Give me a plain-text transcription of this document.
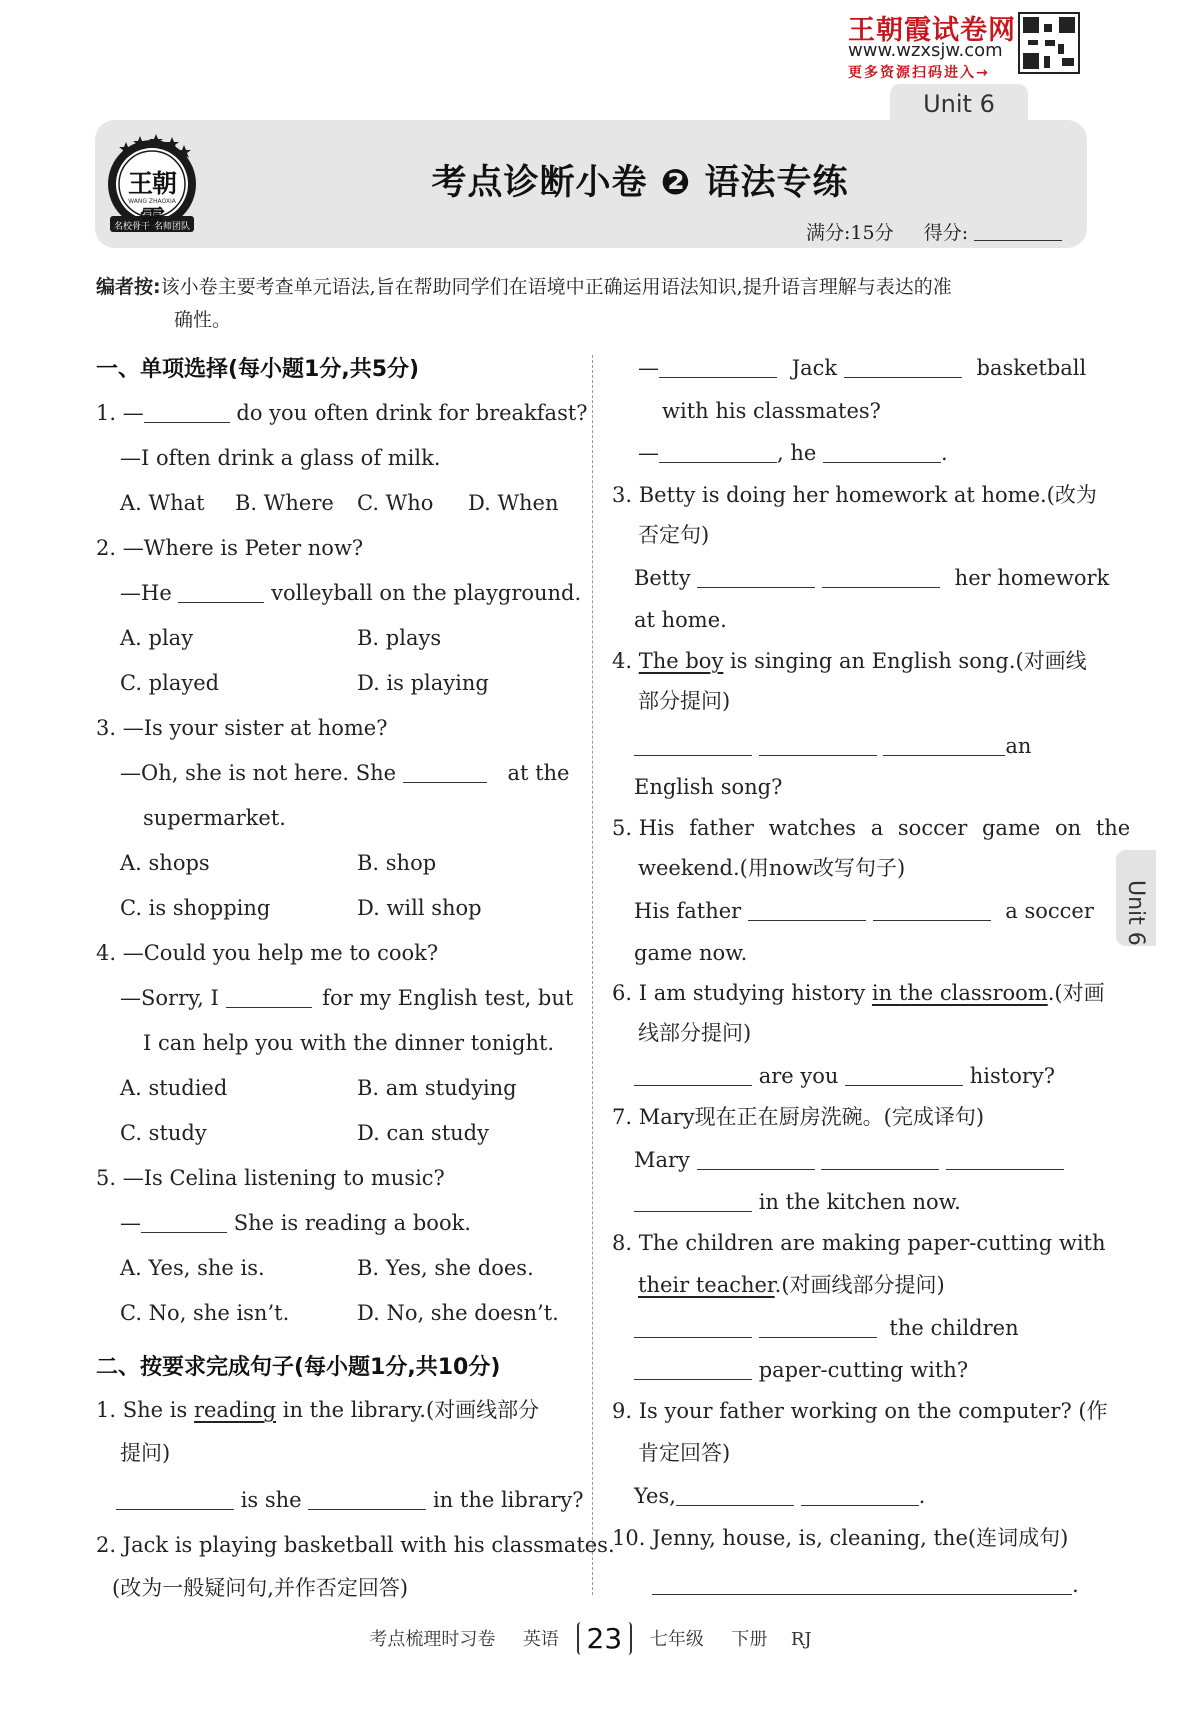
王朝霞试卷网
www.wzxsjw.com
更多资源扫码进入→
Unit 6
王朝霞
WANG ZHAOXIA
名校骨干 名师团队
考点诊断小卷 ❷ 语法专练
满分:15分 得分:
编者按:该小卷主要考查单元语法,旨在帮助同学们在语境中正确运用语法知识,提升语言理解与表达的准
确性。
一、单项选择(每小题1分,共5分)
1. —	do you often drink for breakfast?
—I often drink a glass of milk.
A. What B. Where C. Who D. When
2. —Where is Peter now?
—He	volleyball on the playground.
A. play	B. plays
C. played	D. is playing
3. —Is your sister at home?
—Oh, she is not here. She	at the
supermarket.
A. shops	B. shop
C. is shopping	D. will shop
4. —Could you help me to cook?
—Sorry, I	for my English test, but
I can help you with the dinner tonight.
A. studied	B. am studying
C. study	D. can study
5. —Is Celina listening to music?
—	She is reading a book.
A. Yes, she is.	B. Yes, she does.
C. No, she isn’t.	D. No, she doesn’t.
二、按要求完成句子(每小题1分,共10分)
1. She is reading in the library.(对画线部分
提问)
is she	in the library?
2. Jack is playing basketball with his classmates.
(改为一般疑问句,并作否定回答)
—	Jack	basketball
with his classmates?
—	, he	.
3. Betty is doing her homework at home.(改为
否定句)
Betty	her homework
at home.
4. The boy is singing an English song.(对画线
部分提问)
an
English song?
5. His father watches a soccer game on the
weekend.(用now改写句子)
His father	a soccer
game now.
6. I am studying history in the classroom.(对画
线部分提问)
are you	history?
7. Mary现在正在厨房洗碗。(完成译句)
Mary
in the kitchen now.
8. The children are making paper-cutting with
their teacher.(对画线部分提问)
the children
paper-cutting with?
9. Is your father working on the computer? (作
肯定回答)
Yes,	.
10. Jenny, house, is, cleaning, the(连词成句)
.
Unit 6
考点梳理时习卷 英语 23 七年级 下册 RJ
